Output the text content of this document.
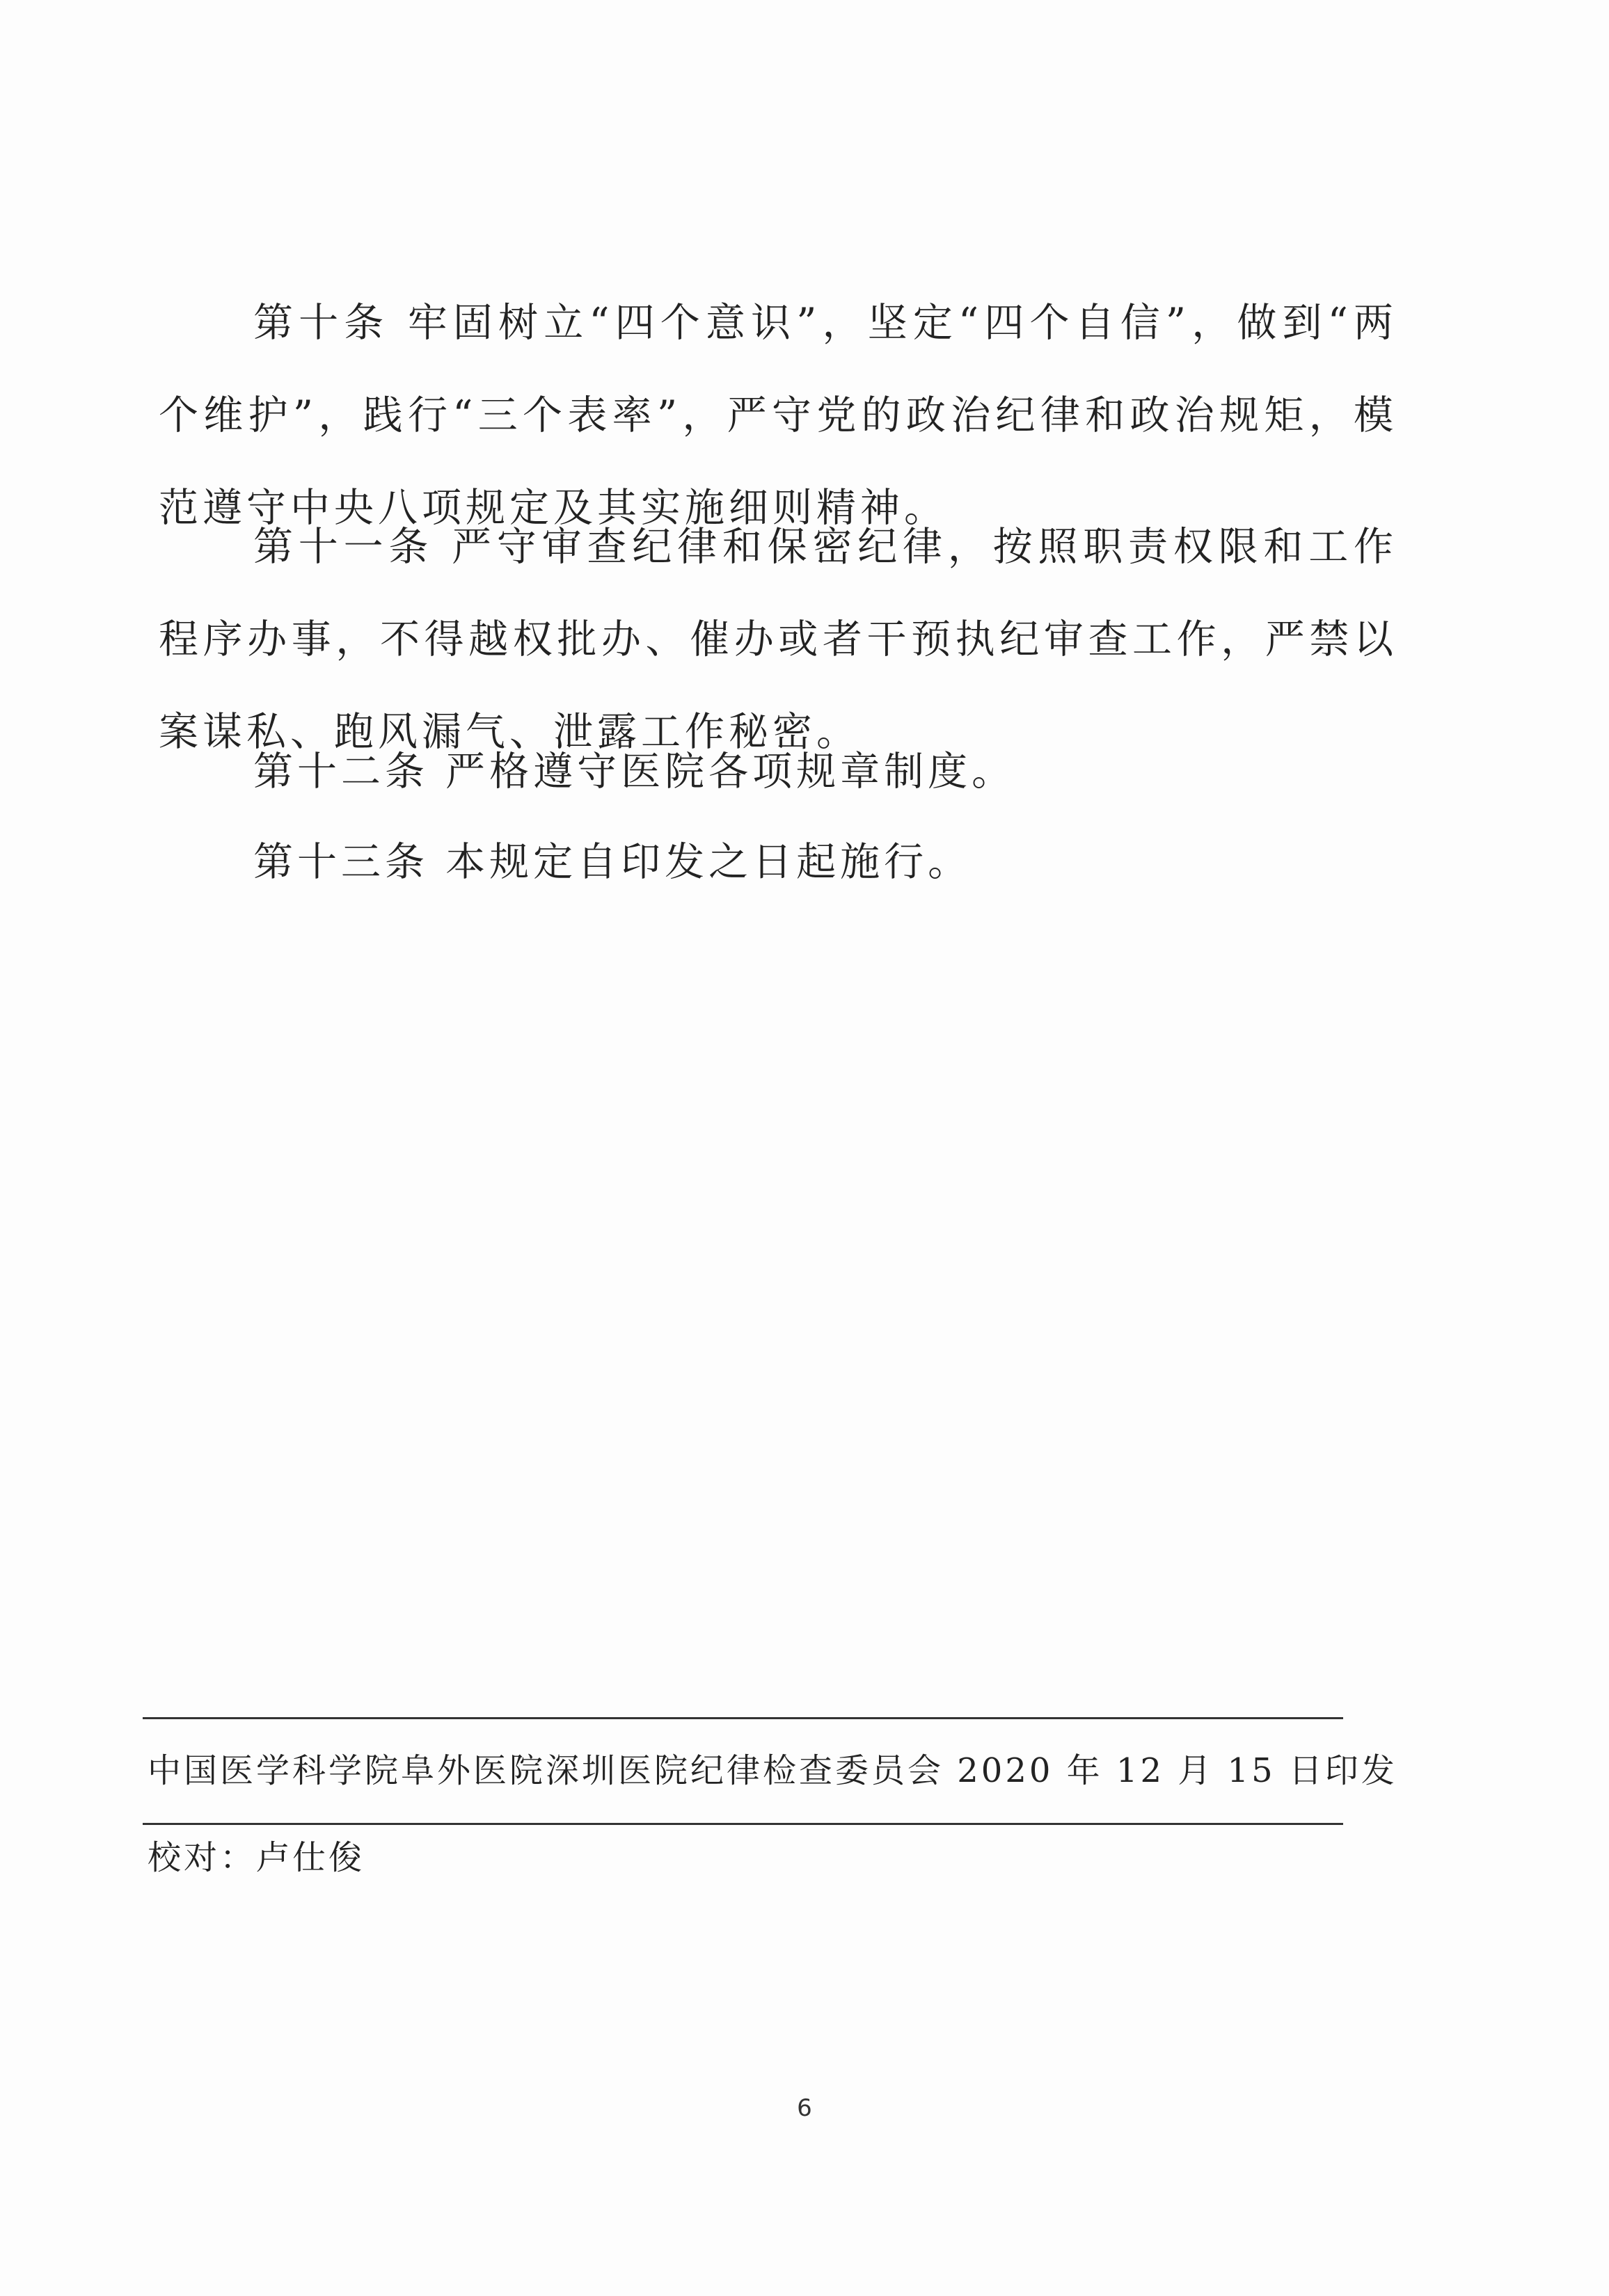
第十条 牢固树立“四个意识”，坚定“四个自信”，做到“两个维护”，践行“三个表率”，严守党的政治纪律和政治规矩，模范遵守中央八项规定及其实施细则精神。

第十一条 严守审查纪律和保密纪律，按照职责权限和工作程序办事，不得越权批办、催办或者干预执纪审查工作，严禁以案谋私、跑风漏气、泄露工作秘密。

第十二条 严格遵守医院各项规章制度。

第十三条 本规定自印发之日起施行。

中国医学科学院阜外医院深圳医院纪律检查委员会 2020 年 12 月 15 日印发

校对：卢仕俊

6
